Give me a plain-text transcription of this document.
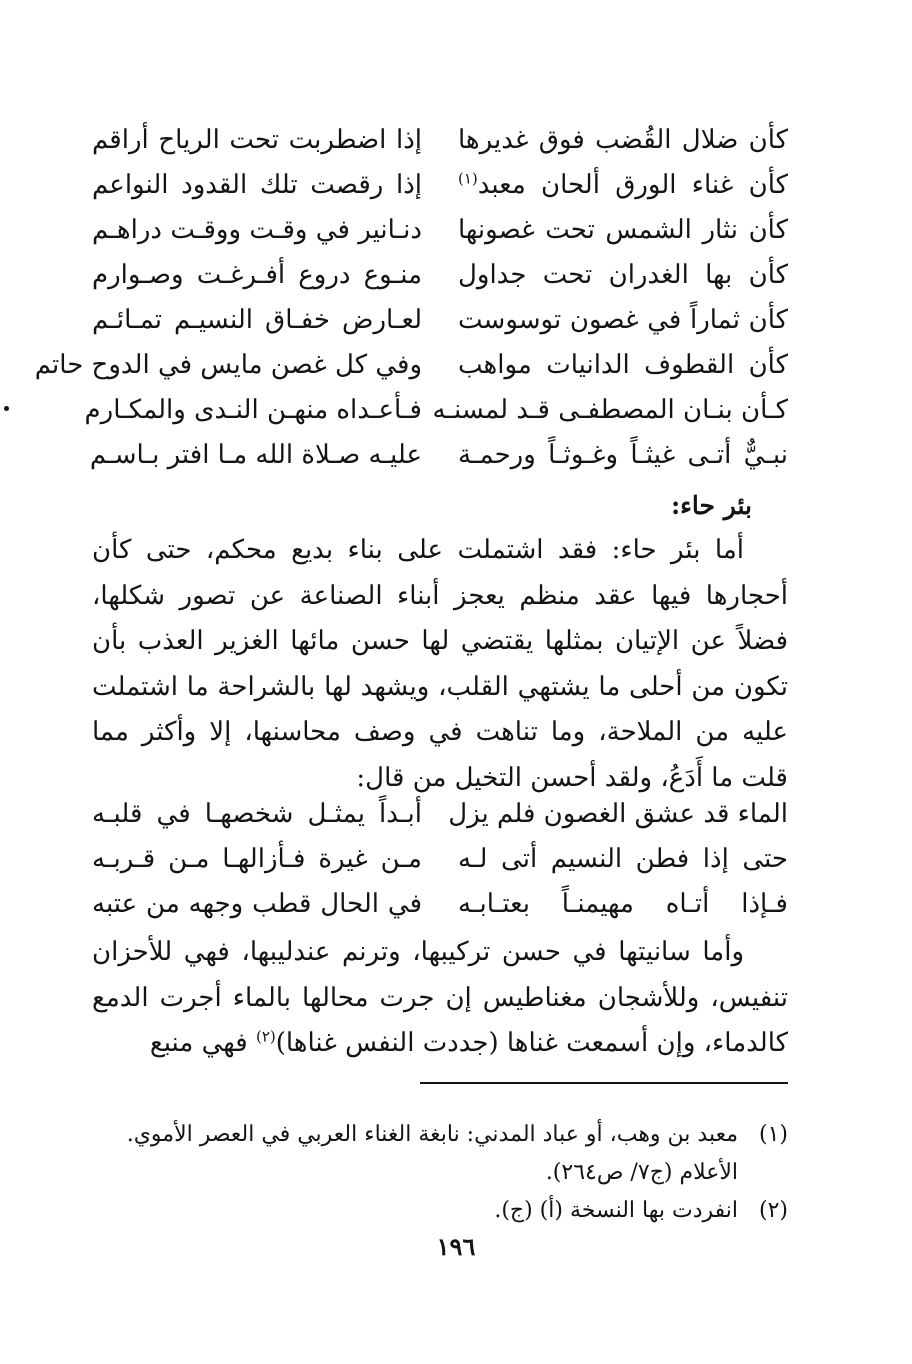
كأن ضلال القُضب فوق غديرها
إذا اضطربت تحت الرياح أراقم
كأن غناء الورق ألحان معبد$^{(١)}$
إذا رقصت تلك القدود النواعم
كأن نثار الشمس تحت غصونها
دنـانير في وقـت ووقـت دراهـم
كأن بها الغدران تحت جداول
منـوع دروع أفـرغـت وصـوارم
كأن ثماراً في غصون توسوست
لعـارض خفـاق النسيـم تمـائـم
كأن القطوف الدانيات مواهب
وفي كل غصن مايس في الدوح حاتم
كـأن بنـان المصطفـى قـد لمسنـه
فـأعـداه منهـن النـدى والمكـارم
نبـيٌّ أتـى غيثـاً وغـوثـاً ورحمـة
عليـه صـلاة الله مـا افتر بـاسـم
بئر حاء:

أما بئر حاء: فقد اشتملت على بناء بديع محكم، حتى كأن أحجارها فيها عقد منظم يعجز أبناء الصناعة عن تصور شكلها، فضلاً عن الإتيان بمثلها يقتضي لها حسن مائها الغزير العذب بأن تكون من أحلى ما يشتهي القلب، ويشهد لها بالشراحة ما اشتملت عليه من الملاحة، وما تناهت في وصف محاسنها، إلا وأكثر مما قلت ما أَدَعُ، ولقد أحسن التخيل من قال:

الماء قد عشق الغصون فلم يزل
أبـداً يمثـل شخصهـا في قلبـه
حتى إذا فطن النسيم أتى لـه
مـن غيرة فـأزالهـا مـن قـربـه
فـإذا أتـاه مهيمنـاً بعتـابـه
في الحال قطب وجهه من عتبه

وأما سانيتها في حسن تركيبها، وترنم عندليبها، فهي للأحزان تنفيس، وللأشجان مغناطيس إن جرت محالها بالماء أجرت الدمع كالدماء، وإن أسمعت غناها (جددت النفس غناها)$^{(٢)}$ فهي منبع

(١)
معبد بن وهب، أو عباد المدني: نابغة الغناء العربي في العصر الأموي.
الأعلام (ج٧/ ص٢٦٤).
(٢)
انفردت بها النسخة (أ) (ج).
١٩٦
